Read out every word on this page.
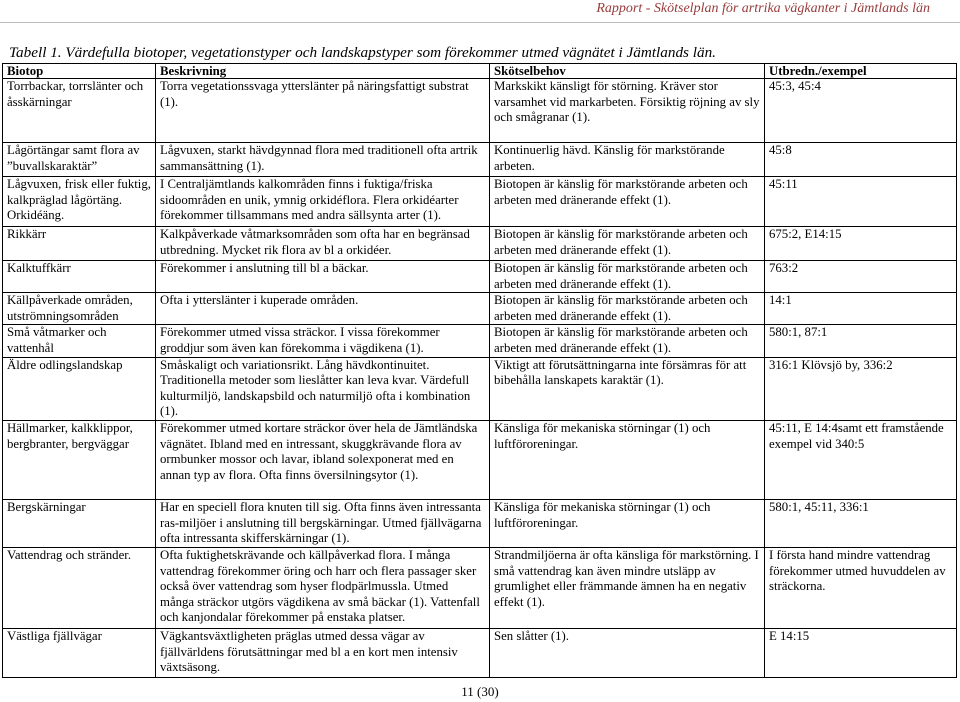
Rapport - Skötselplan för artrika vägkanter i Jämtlands län
Tabell 1. Värdefulla biotoper, vegetationstyper och landskapstyper som förekommer utmed vägnätet i Jämtlands län.
Biotop	Beskrivning	Skötselbehov	Utbredn./exempel
Torrbackar, torrslänter och åsskärningar	Torra vegetationssvaga ytterslänter på näringsfattigt substrat (1).	Markskikt känsligt för störning. Kräver stor varsamhet vid markarbeten. Försiktig röjning av sly och smågranar (1).	45:3, 45:4
Lågörtängar samt flora av ”buvallskaraktär”	Lågvuxen, starkt hävdgynnad flora med traditionell ofta artrik sammansättning (1).	Kontinuerlig hävd. Känslig för markstörande arbeten.	45:8
Lågvuxen, frisk eller fuktig, kalkpräglad lågörtäng. Orkidéäng.	I Centraljämtlands kalkområden finns i fuktiga/friska sidoområden en unik, ymnig orkidéflora. Flera orkidéarter förekommer tillsammans med andra sällsynta arter (1).	Biotopen är känslig för markstörande arbeten och arbeten med dränerande effekt (1).	45:11
Rikkärr	Kalkpåverkade våtmarksområden som ofta har en begränsad utbredning. Mycket rik flora av bl a orkidéer.	Biotopen är känslig för markstörande arbeten och arbeten med dränerande effekt (1).	675:2, E14:15
Kalktuffkärr	Förekommer i anslutning till bl a bäckar.	Biotopen är känslig för markstörande arbeten och arbeten med dränerande effekt (1).	763:2
Källpåverkade områden, utströmningsområden	Ofta i ytterslänter i kuperade områden.	Biotopen är känslig för markstörande arbeten och arbeten med dränerande effekt (1).	14:1
Små våtmarker och vattenhål	Förekommer utmed vissa sträckor. I vissa förekommer groddjur som även kan förekomma i vägdikena (1).	Biotopen är känslig för markstörande arbeten och arbeten med dränerande effekt (1).	580:1, 87:1
Äldre odlingslandskap	Småskaligt och variationsrikt. Lång hävdkontinuitet. Traditionella metoder som lieslåtter kan leva kvar. Värdefull kulturmiljö, landskapsbild och naturmiljö ofta i kombination (1).	Viktigt att förutsättningarna inte försämras för att bibehålla lanskapets karaktär (1).	316:1 Klövsjö by, 336:2
Hällmarker, kalkklippor, bergbranter, bergväggar	Förekommer utmed kortare sträckor över hela de Jämtländska vägnätet. Ibland med en intressant, skuggkrävande flora av ormbunker mossor och lavar, ibland solexponerat med en annan typ av flora. Ofta finns översilningsytor (1).	Känsliga för mekaniska störningar (1) och luftföroreningar.	45:11, E 14:4samt ett framstående exempel vid 340:5
Bergskärningar	Har en speciell flora knuten till sig. Ofta finns även intressanta ras-miljöer i anslutning till bergskärningar. Utmed fjällvägarna ofta intressanta skifferskärningar (1).	Känsliga för mekaniska störningar (1) och luftföroreningar.	580:1, 45:11, 336:1
Vattendrag och stränder.	Ofta fuktighetskrävande och källpåverkad flora. I många vattendrag förekommer öring och harr och flera passager sker också över vattendrag som hyser flodpärlmussla. Utmed många sträckor utgörs vägdikena av små bäckar (1). Vattenfall och kanjondalar förekommer på enstaka platser.	Strandmiljöerna är ofta känsliga för markstörning. I små vattendrag kan även mindre utsläpp av grumlighet eller främmande ämnen ha en negativ effekt (1).	I första hand mindre vattendrag förekommer utmed huvuddelen av sträckorna.
Västliga fjällvägar	Vägkantsväxtligheten präglas utmed dessa vägar av fjällvärldens förutsättningar med bl a en kort men intensiv växtsäsong.	Sen slåtter (1).	E 14:15
11 (30)
